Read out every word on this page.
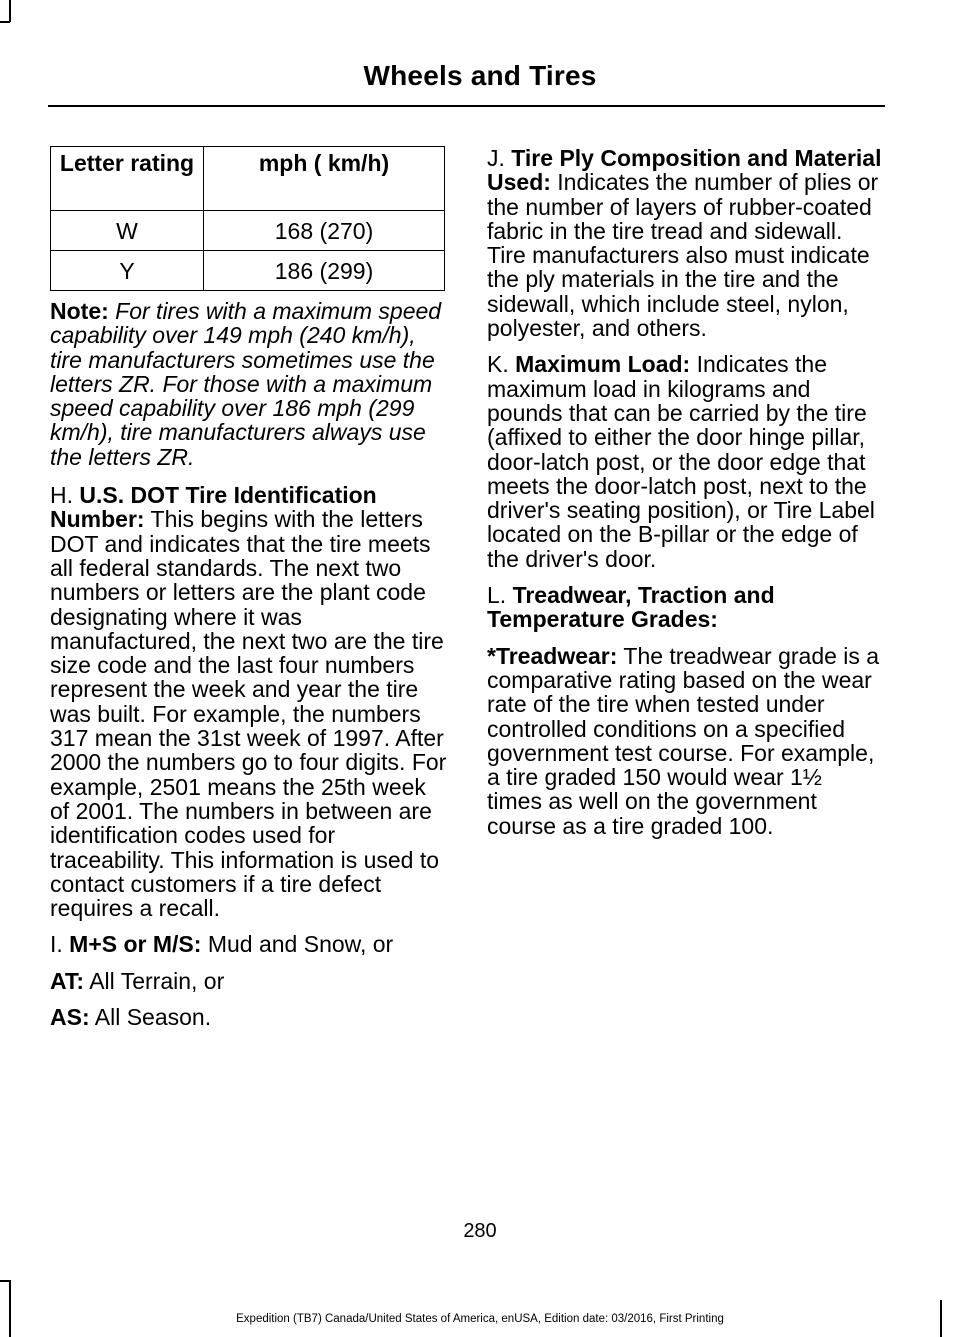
Wheels and Tires
Letter rating	mph ( km/h)
W	168 (270)
Y	186 (299)

Note: For tires with a maximum speed capability over 149 mph (240 km/h), tire manufacturers sometimes use the letters ZR. For those with a maximum speed capability over 186 mph (299 km/h), tire manufacturers always use the letters ZR.

H. U.S. DOT Tire Identification Number: This begins with the letters DOT and indicates that the tire meets all federal standards. The next two numbers or letters are the plant code designating where it was manufactured, the next two are the tire size code and the last four numbers represent the week and year the tire was built. For example, the numbers 317 mean the 31st week of 1997. After 2000 the numbers go to four digits. For example, 2501 means the 25th week of 2001. The numbers in between are identification codes used for traceability. This information is used to contact customers if a tire defect requires a recall.

I. M+S or M/S: Mud and Snow, or

AT: All Terrain, or

AS: All Season.

J. Tire Ply Composition and Material Used: Indicates the number of plies or the number of layers of rubber-coated fabric in the tire tread and sidewall. Tire manufacturers also must indicate the ply materials in the tire and the sidewall, which include steel, nylon, polyester, and others.

K. Maximum Load: Indicates the maximum load in kilograms and pounds that can be carried by the tire (affixed to either the door hinge pillar, door-latch post, or the door edge that meets the door-latch post, next to the driver's seating position), or Tire Label located on the B-pillar or the edge of the driver's door.

L. Treadwear, Traction and Temperature Grades:

*Treadwear: The treadwear grade is a comparative rating based on the wear rate of the tire when tested under controlled conditions on a specified government test course. For example, a tire graded 150 would wear 1½ times as well on the government course as a tire graded 100.

280
Expedition (TB7) Canada/United States of America, enUSA, Edition date: 03/2016, First Printing
